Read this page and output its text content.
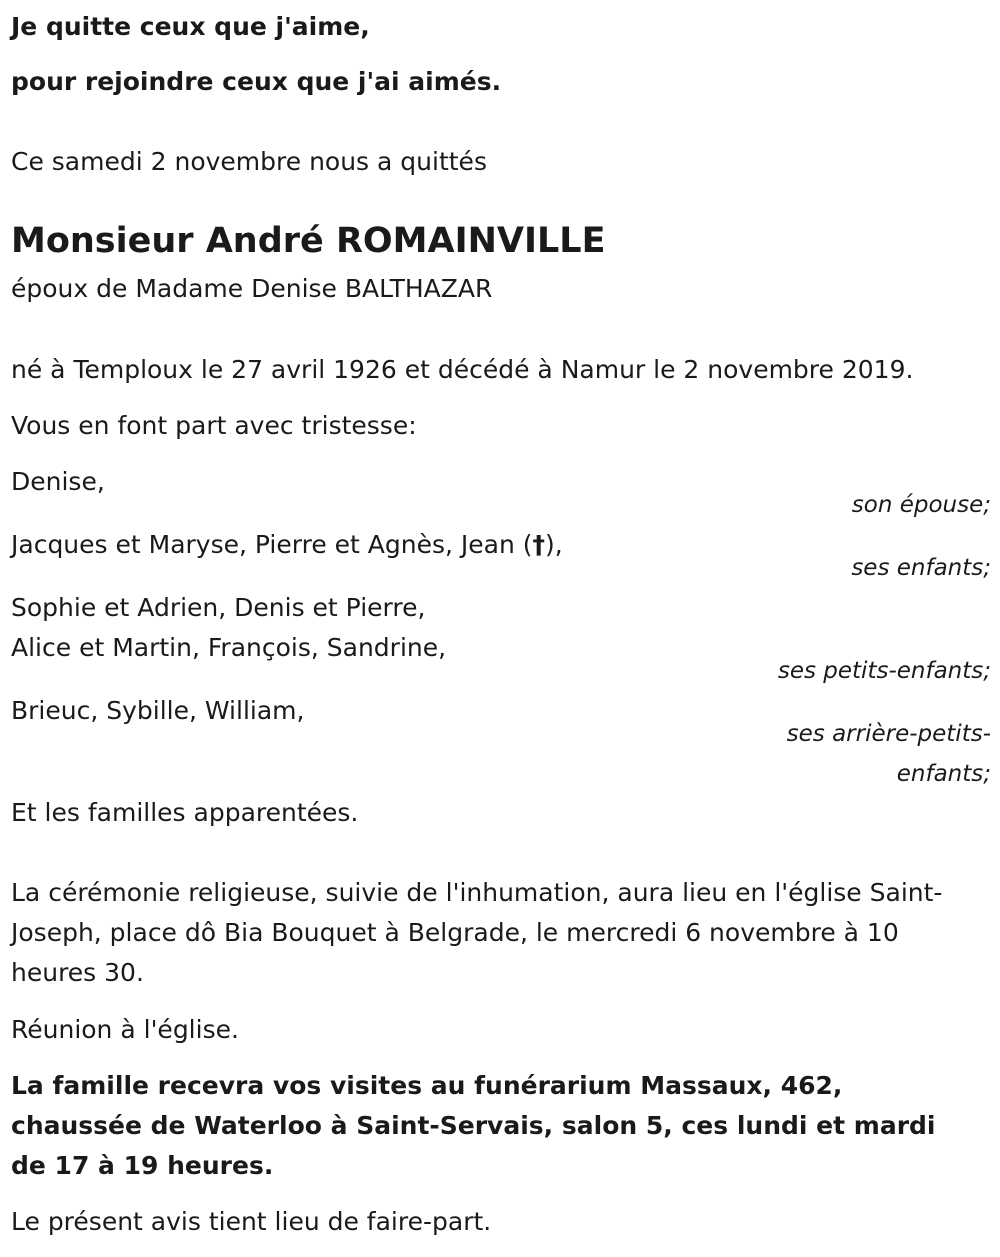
Je quitte ceux que j'aime,
pour rejoindre ceux que j'ai aimés.
Ce samedi 2 novembre nous a quittés
Monsieur André ROMAINVILLE
époux de Madame Denise BALTHAZAR
né à Temploux le 27 avril 1926 et décédé à Namur le 2 novembre 2019.
Vous en font part avec tristesse:
Denise,
son épouse;
Jacques et Maryse, Pierre et Agnès, Jean (†),
ses enfants;
Sophie et Adrien, Denis et Pierre,
Alice et Martin, François, Sandrine,
ses petits-enfants;
Brieuc, Sybille, William,
ses arrière-petits-
enfants;
Et les familles apparentées.
La cérémonie religieuse, suivie de l'inhumation, aura lieu en l'église Saint-Joseph, place dô Bia Bouquet à Belgrade, le mercredi 6 novembre à 10 heures 30.
Réunion à l'église.
La famille recevra vos visites au funérarium Massaux, 462, chaussée de Waterloo à Saint-Servais, salon 5, ces lundi et mardi de 17 à 19 heures.
Le présent avis tient lieu de faire-part.
